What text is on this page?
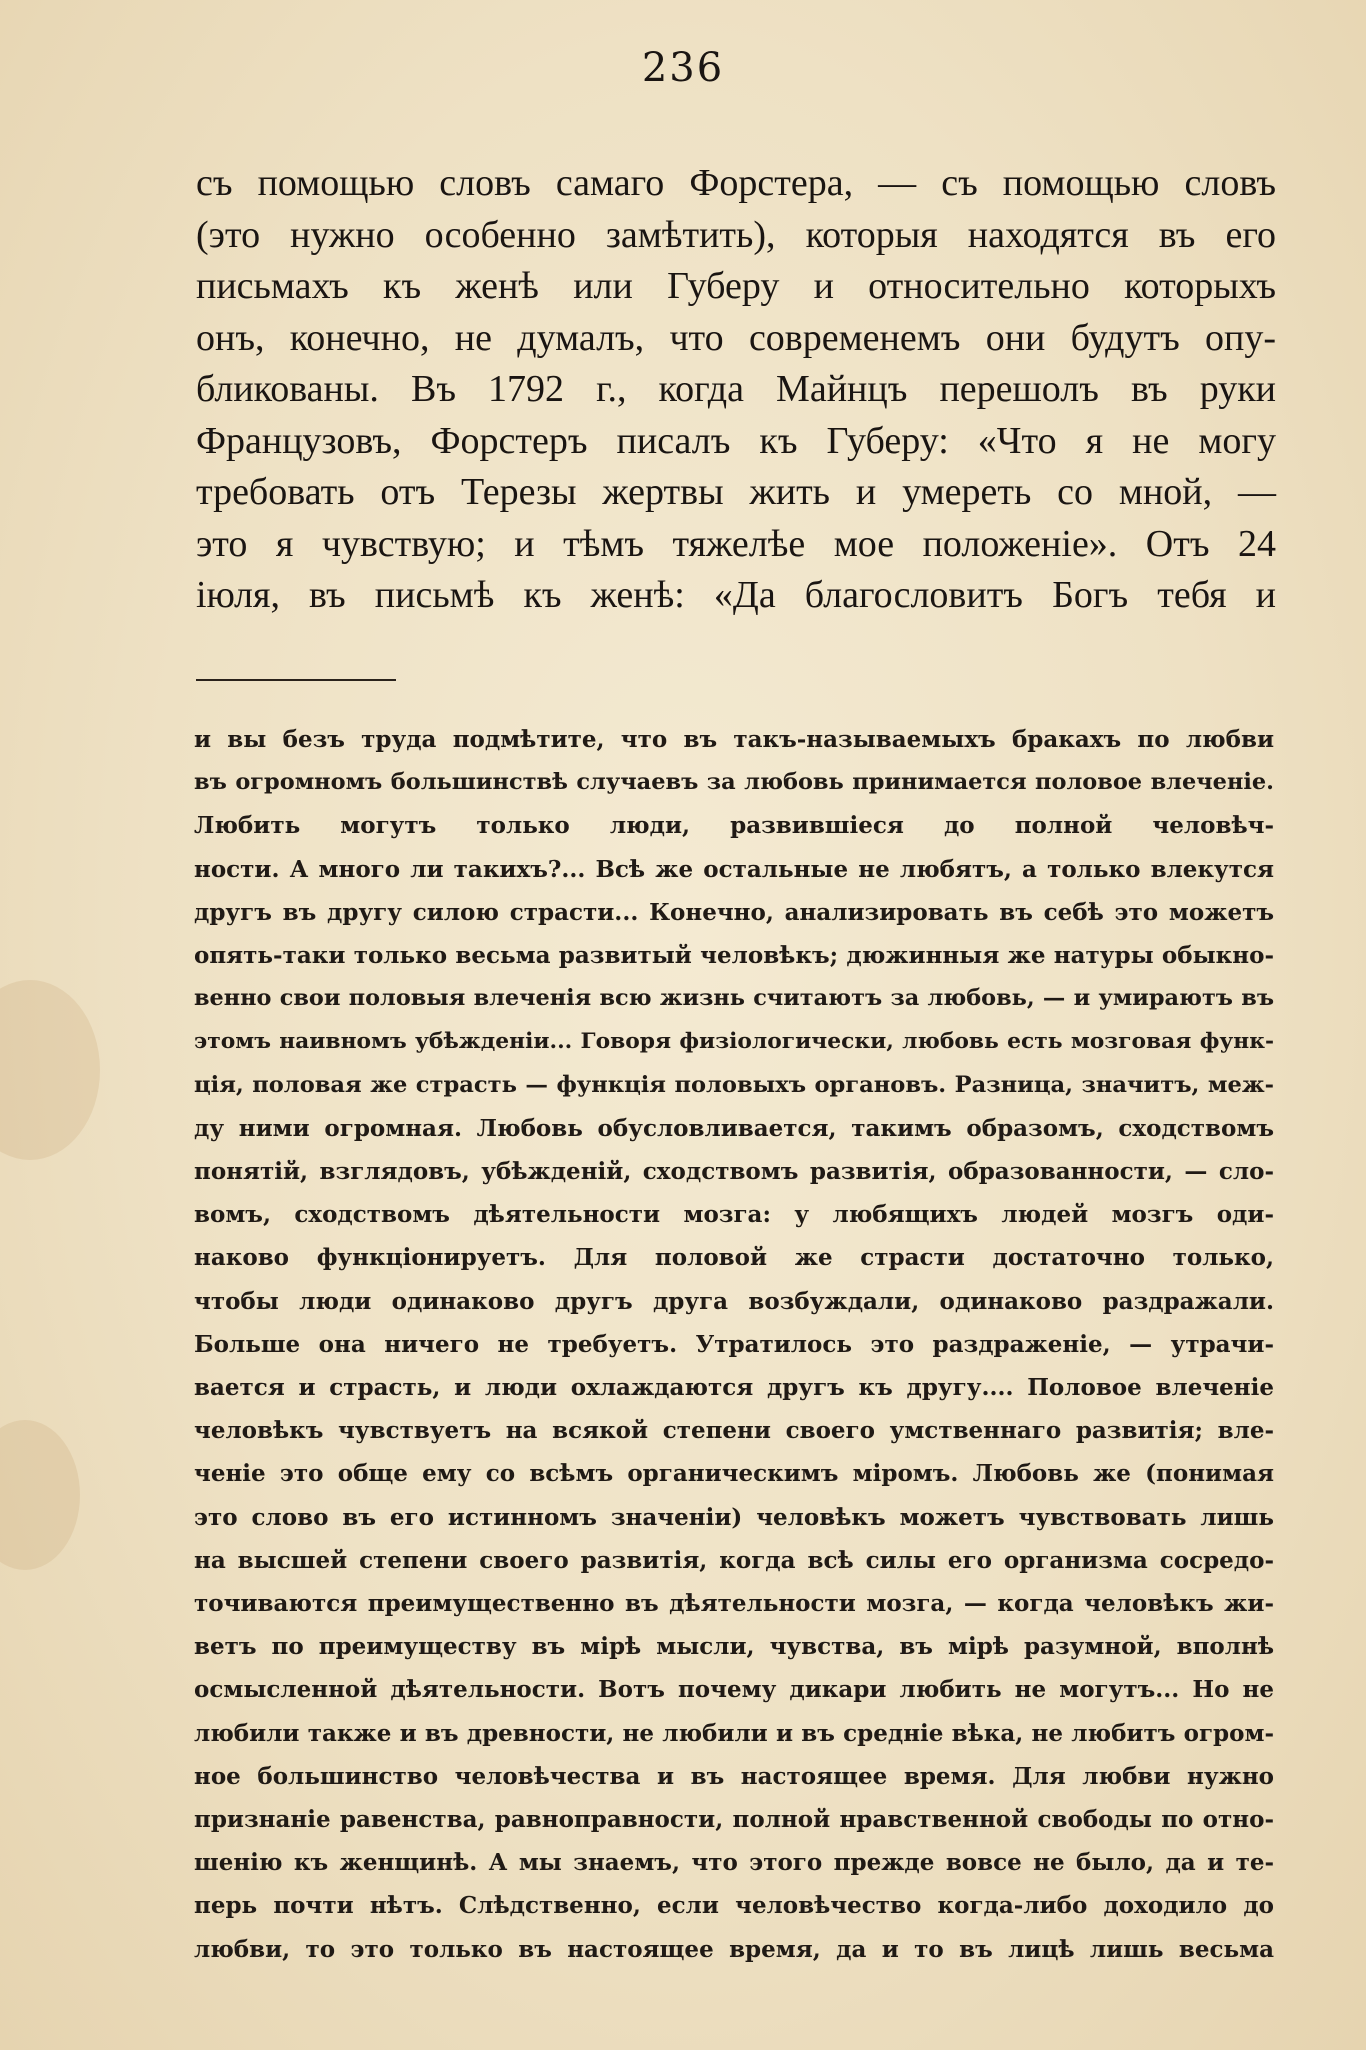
236
съ помощью словъ самаго Форстера, — съ помощью словъ
(это нужно особенно замѣтить), которыя находятся въ его
письмахъ къ женѣ или Губеру и относительно которыхъ
онъ, конечно, не думалъ, что современемъ они будутъ опу-
бликованы. Въ 1792 г., когда Майнцъ перешолъ въ руки
Французовъ, Форстеръ писалъ къ Губеру: «Что я не могу
требовать отъ Терезы жертвы жить и умереть со мной, —
это я чувствую; и тѣмъ тяжелѣе мое положеніе». Отъ 24
іюля, въ письмѣ къ женѣ: «Да благословитъ Богъ тебя и
и вы безъ труда подмѣтите, что въ такъ-называемыхъ бракахъ по любви
въ огромномъ большинствѣ случаевъ за любовь принимается половое влеченіе.
Любить могутъ только люди, развившіеся до полной человѣч-
ности. А много ли такихъ?... Всѣ же остальные не любятъ, а только влекутся
другъ въ другу силою страсти... Конечно, анализировать въ себѣ это можетъ
опять-таки только весьма развитый человѣкъ; дюжинныя же натуры обыкно-
венно свои половыя влеченія всю жизнь считаютъ за любовь, — и умираютъ въ
этомъ наивномъ убѣжденіи... Говоря физіологически, любовь есть мозговая функ-
ція, половая же страсть — функція половыхъ органовъ. Разница, значитъ, меж-
ду ними огромная. Любовь обусловливается, такимъ образомъ, сходствомъ
понятій, взглядовъ, убѣжденій, сходствомъ развитія, образованности, — сло-
вомъ, сходствомъ дѣятельности мозга: у любящихъ людей мозгъ оди-
наково функціонируетъ. Для половой же страсти достаточно только,
чтобы люди одинаково другъ друга возбуждали, одинаково раздражали.
Больше она ничего не требуетъ. Утратилось это раздраженіе, — утрачи-
вается и страсть, и люди охлаждаются другъ къ другу.... Половое влеченіе
человѣкъ чувствуетъ на всякой степени своего умственнаго развитія; вле-
ченіе это обще ему со всѣмъ органическимъ міромъ. Любовь же (понимая
это слово въ его истинномъ значеніи) человѣкъ можетъ чувствовать лишь
на высшей степени своего развитія, когда всѣ силы его организма сосредо-
точиваются преимущественно въ дѣятельности мозга, — когда человѣкъ жи-
ветъ по преимуществу въ мірѣ мысли, чувства, въ мірѣ разумной, вполнѣ
осмысленной дѣятельности. Вотъ почему дикари любить не могутъ... Но не
любили также и въ древности, не любили и въ средніе вѣка, не любитъ огром-
ное большинство человѣчества и въ настоящее время. Для любви нужно
признаніе равенства, равноправности, полной нравственной свободы по отно-
шенію къ женщинѣ. А мы знаемъ, что этого прежде вовсе не было, да и те-
перь почти нѣтъ. Слѣдственно, если человѣчество когда-либо доходило до
любви, то это только въ настоящее время, да и то въ лицѣ лишь весьма
